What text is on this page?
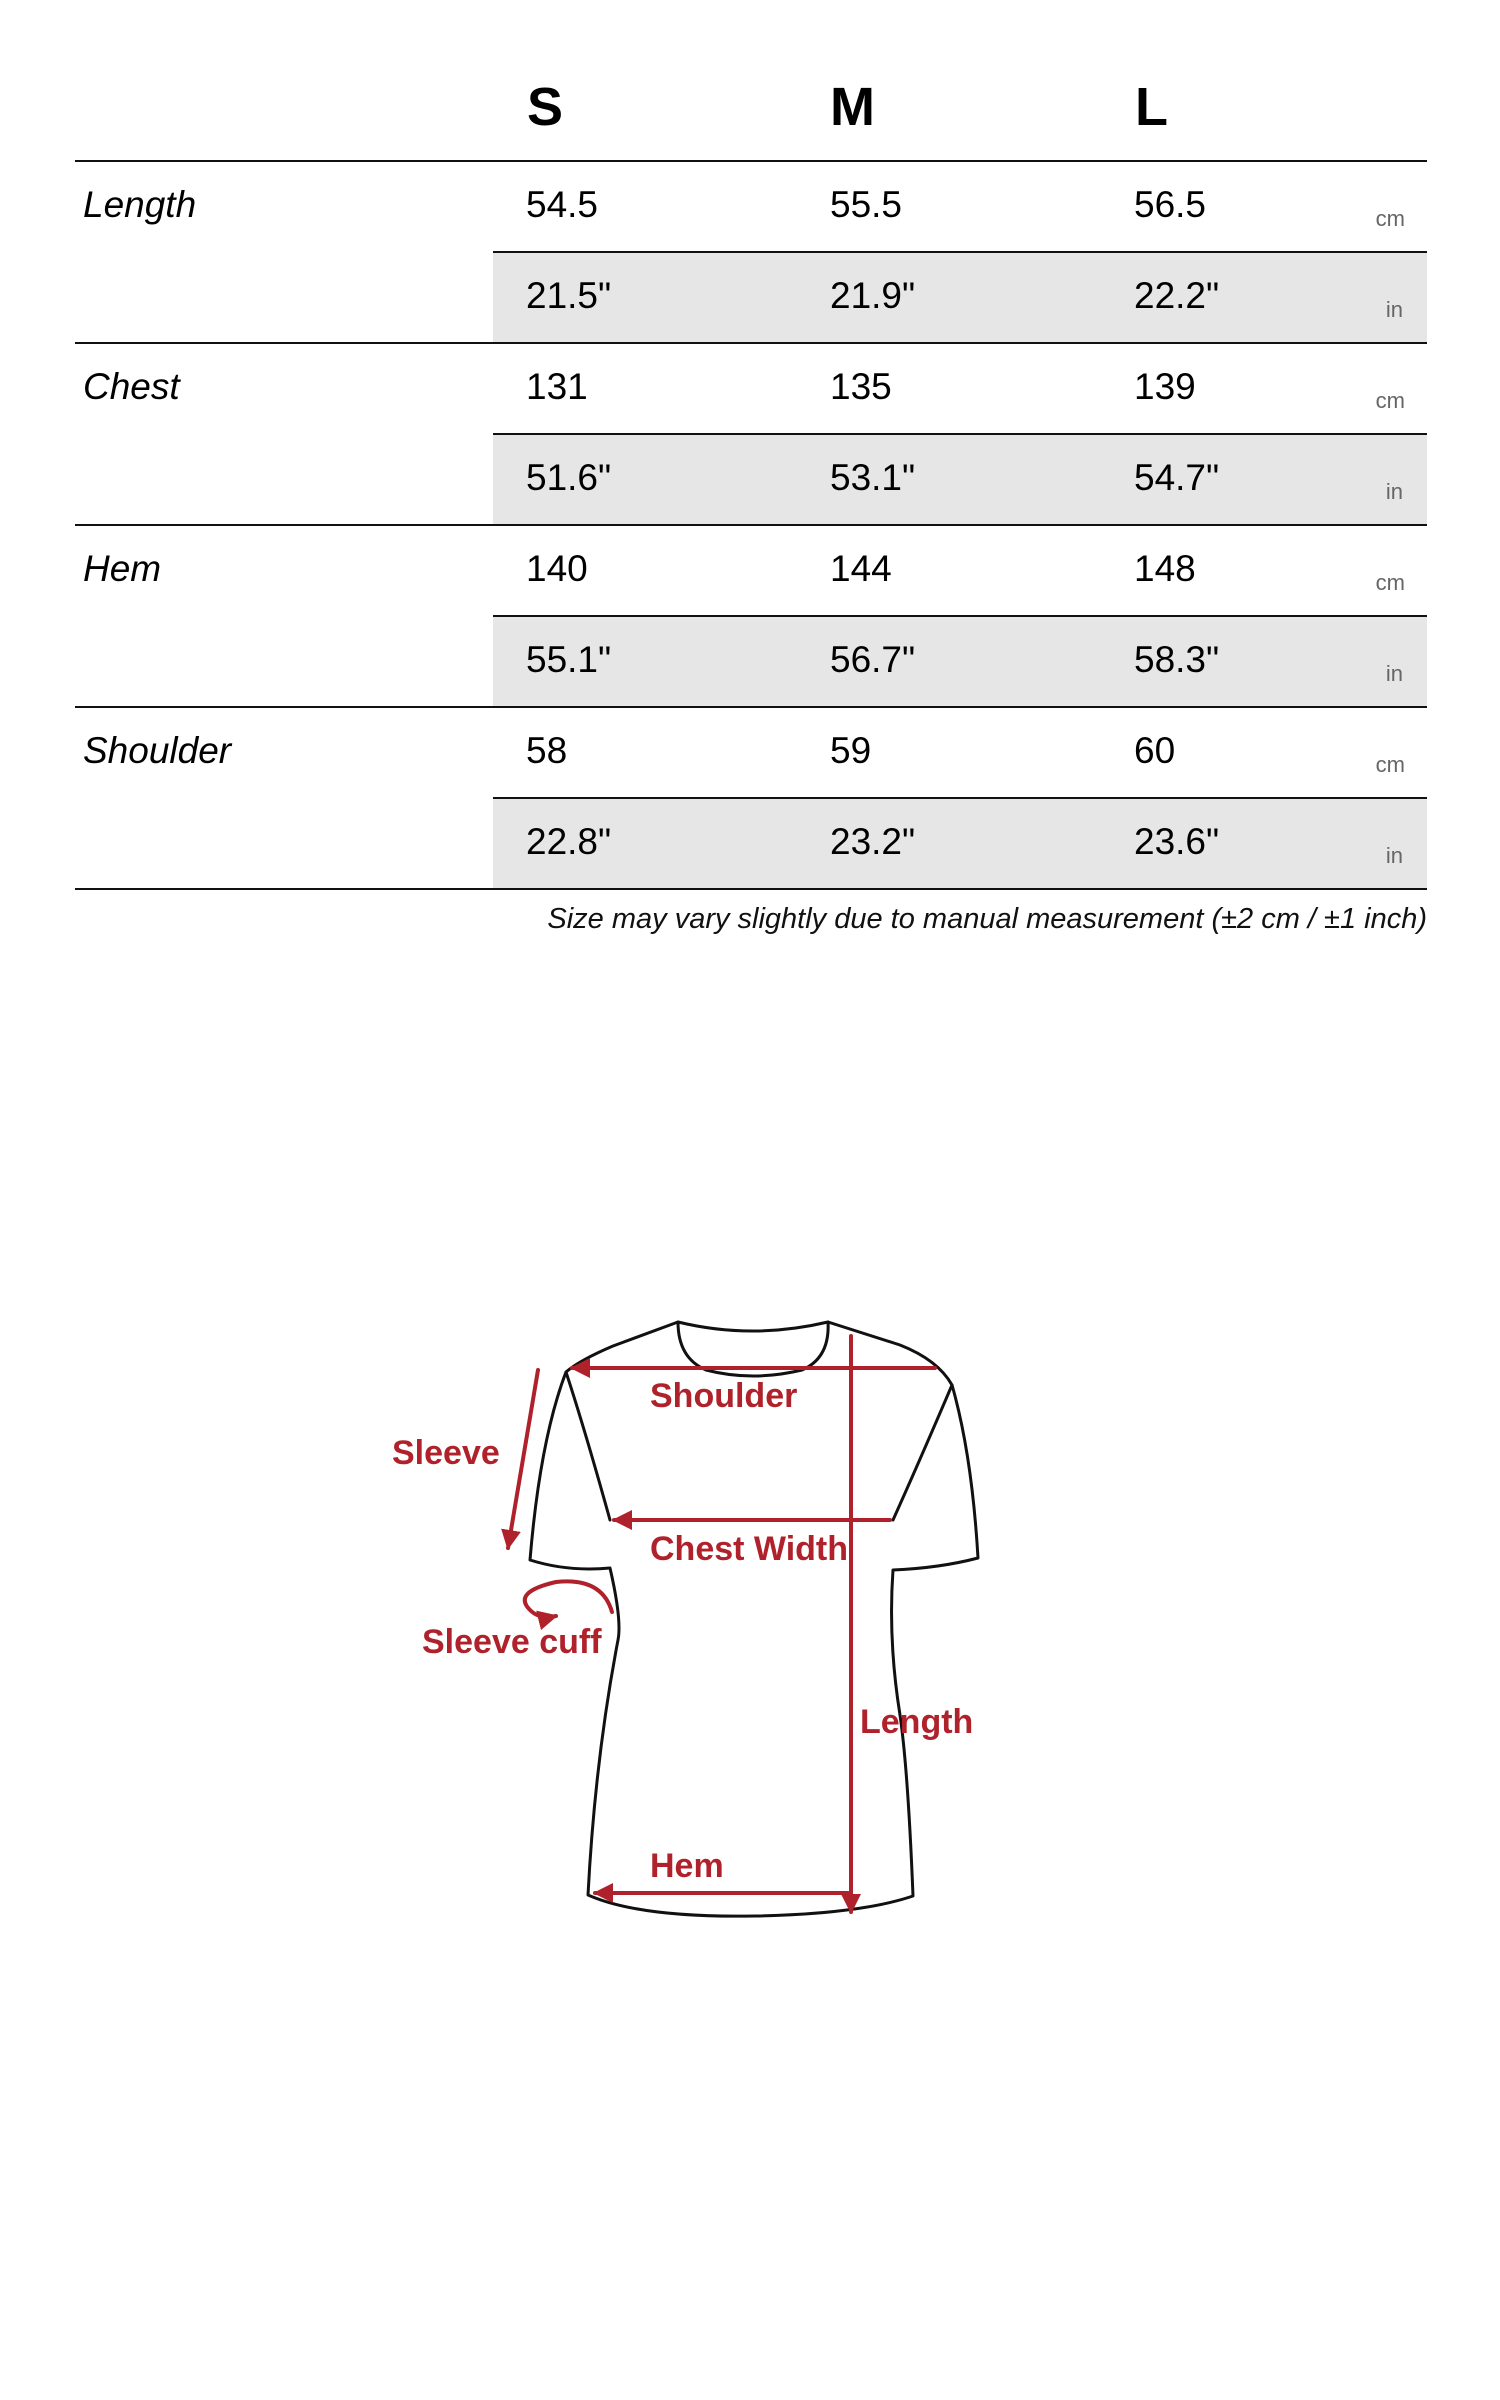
S	M	L
Length	54.5	55.5	56.5	cm
21.5"	21.9"	22.2"	in
Chest	131	135	139	cm
51.6"	53.1"	54.7"	in
Hem	140	144	148	cm
55.1"	56.7"	58.3"	in
Shoulder	58	59	60	cm
22.8"	23.2"	23.6"	in
Size may vary slightly due to manual measurement (±2 cm / ±1 inch)
Shoulder
Sleeve
Chest Width
Sleeve cuff
Length
Hem
